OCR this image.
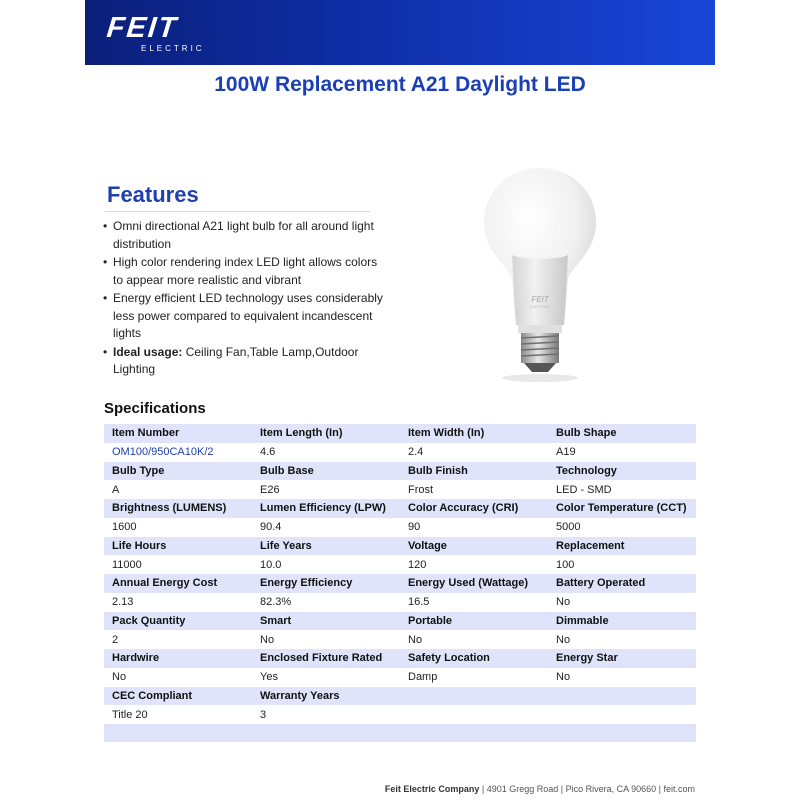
FEIT
ELECTRIC
100W Replacement A21 Daylight LED
Features
• Omni directional A21 light bulb for all around light distribution
• High color rendering index LED light allows colors to appear more realistic and vibrant
• Energy efficient LED technology uses considerably less power compared to equivalent incandescent lights
• Ideal usage: Ceiling Fan,Table Lamp,Outdoor Lighting
FEIT
ELECTRIC
Specifications
Item Number	Item Length (In)	Item Width (In)	Bulb Shape
OM100/950CA10K/2	4.6	2.4	A19
Bulb Type	Bulb Base	Bulb Finish	Technology
A	E26	Frost	LED - SMD
Brightness (LUMENS)	Lumen Efficiency (LPW)	Color Accuracy (CRI)	Color Temperature (CCT)
1600	90.4	90	5000
Life Hours	Life Years	Voltage	Replacement
11000	10.0	120	100
Annual Energy Cost	Energy Efficiency	Energy Used (Wattage)	Battery Operated
2.13	82.3%	16.5	No
Pack Quantity	Smart	Portable	Dimmable
2	No	No	No
Hardwire	Enclosed Fixture Rated	Safety Location	Energy Star
No	Yes	Damp	No
CEC Compliant	Warranty Years		
Title 20	3		

Feit Electric Company | 4901 Gregg Road | Pico Rivera, CA 90660 | feit.com
